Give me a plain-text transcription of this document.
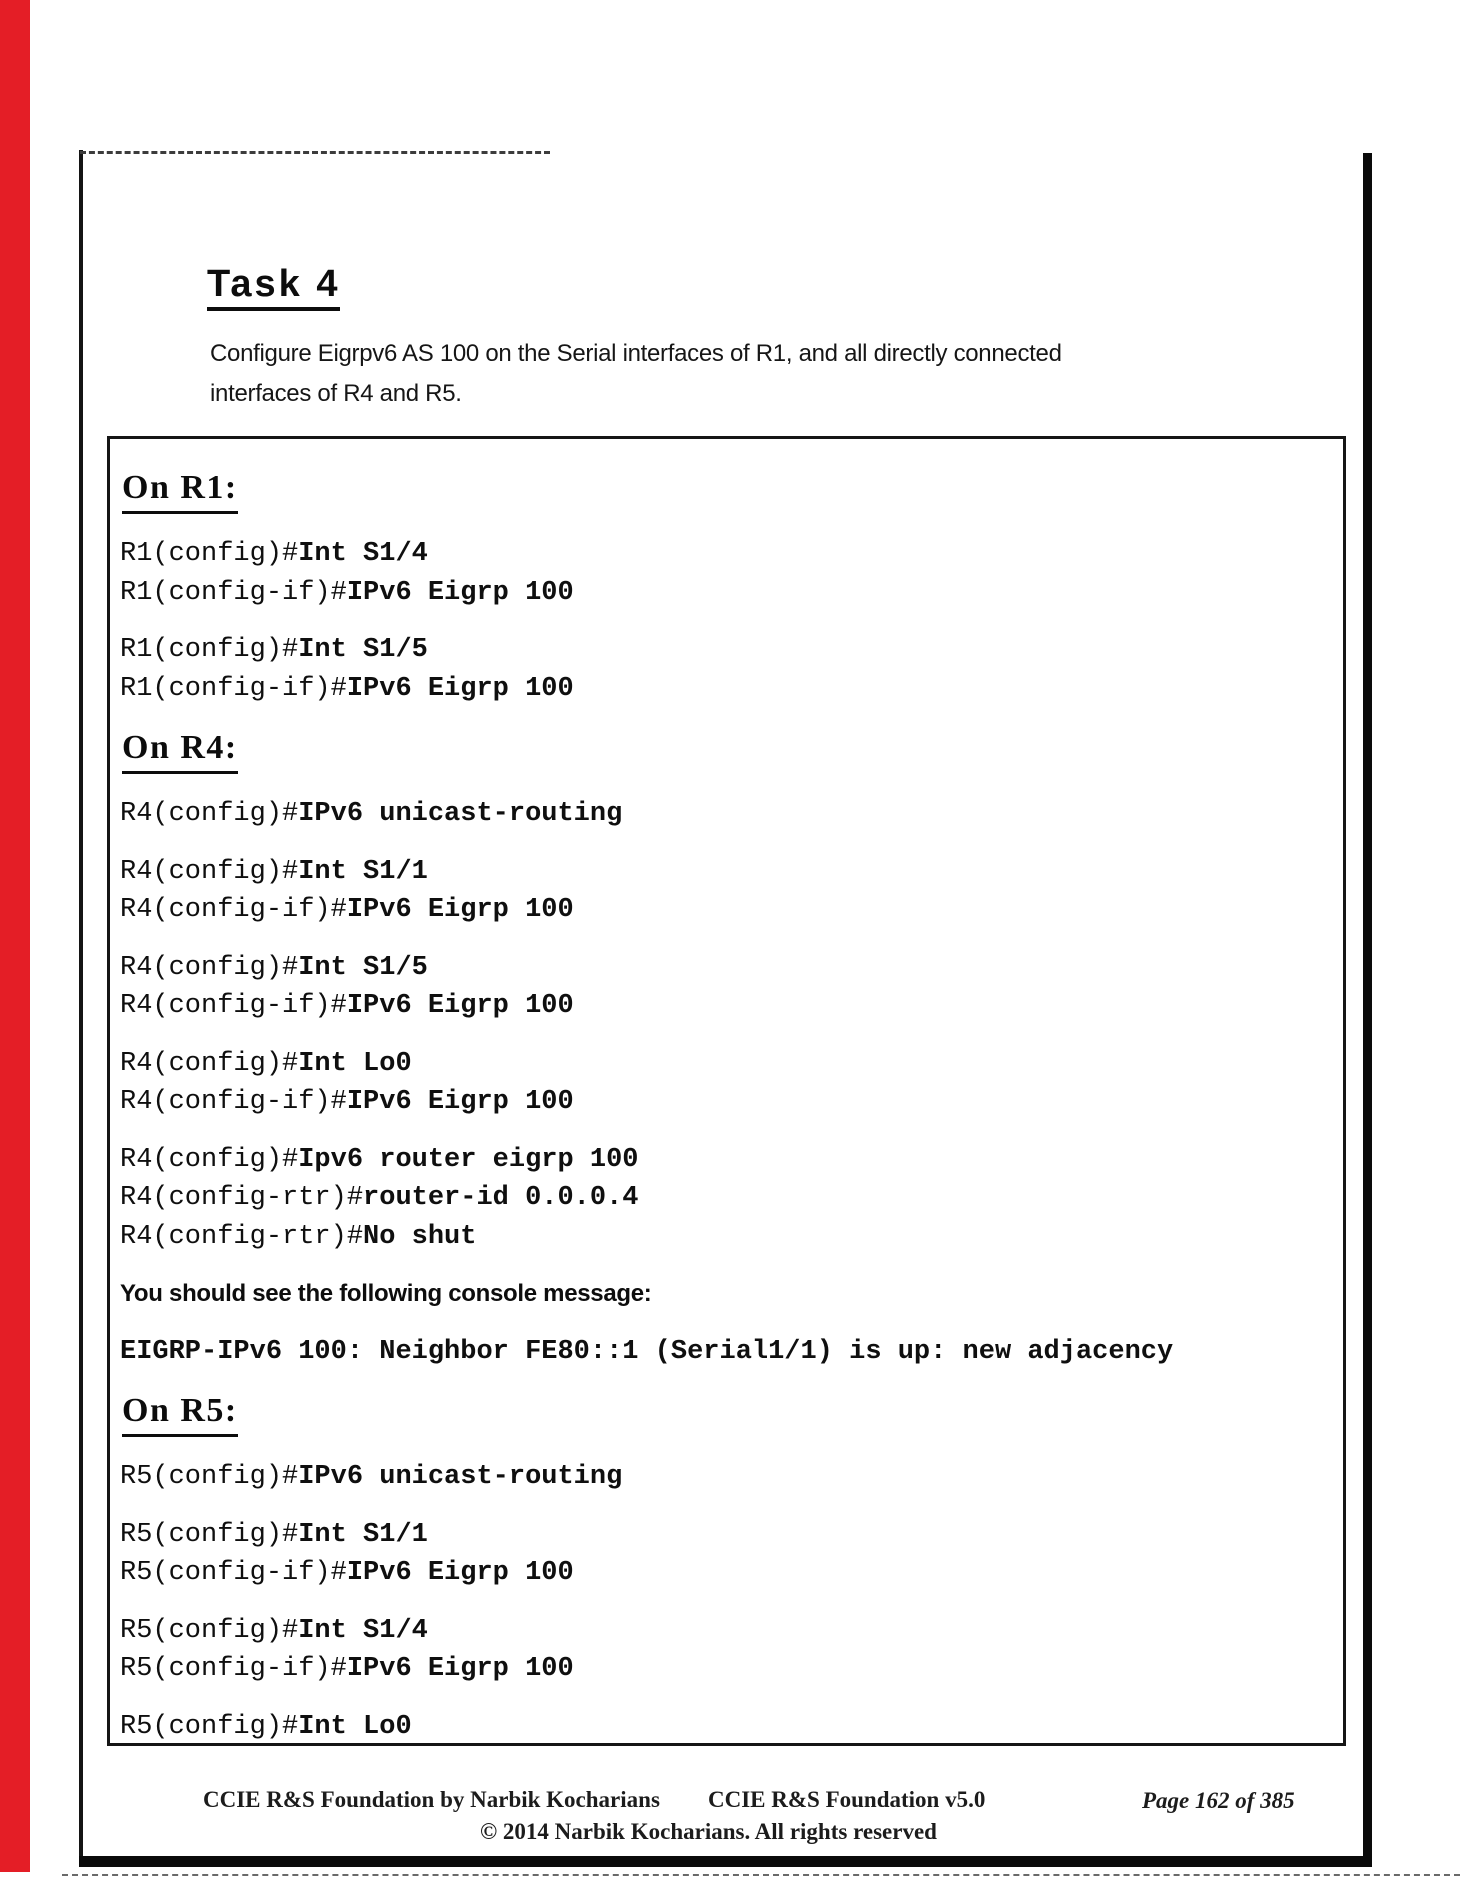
Task 4
Configure Eigrpv6 AS 100 on the Serial interfaces of R1, and all directly connected
interfaces of R4 and R5.
On R1:
R1(config)#Int S1/4
R1(config-if)#IPv6 Eigrp 100
R1(config)#Int S1/5
R1(config-if)#IPv6 Eigrp 100
On R4:
R4(config)#IPv6 unicast-routing
R4(config)#Int S1/1
R4(config-if)#IPv6 Eigrp 100
R4(config)#Int S1/5
R4(config-if)#IPv6 Eigrp 100
R4(config)#Int Lo0
R4(config-if)#IPv6 Eigrp 100
R4(config)#Ipv6 router eigrp 100
R4(config-rtr)#router-id 0.0.0.4
R4(config-rtr)#No shut
You should see the following console message:
EIGRP-IPv6 100: Neighbor FE80::1 (Serial1/1) is up: new adjacency
On R5:
R5(config)#IPv6 unicast-routing
R5(config)#Int S1/1
R5(config-if)#IPv6 Eigrp 100
R5(config)#Int S1/4
R5(config-if)#IPv6 Eigrp 100
R5(config)#Int Lo0
CCIE R&S Foundation by Narbik Kocharians CCIE R&S Foundation v5.0	Page 162 of 385
© 2014 Narbik Kocharians. All rights reserved
